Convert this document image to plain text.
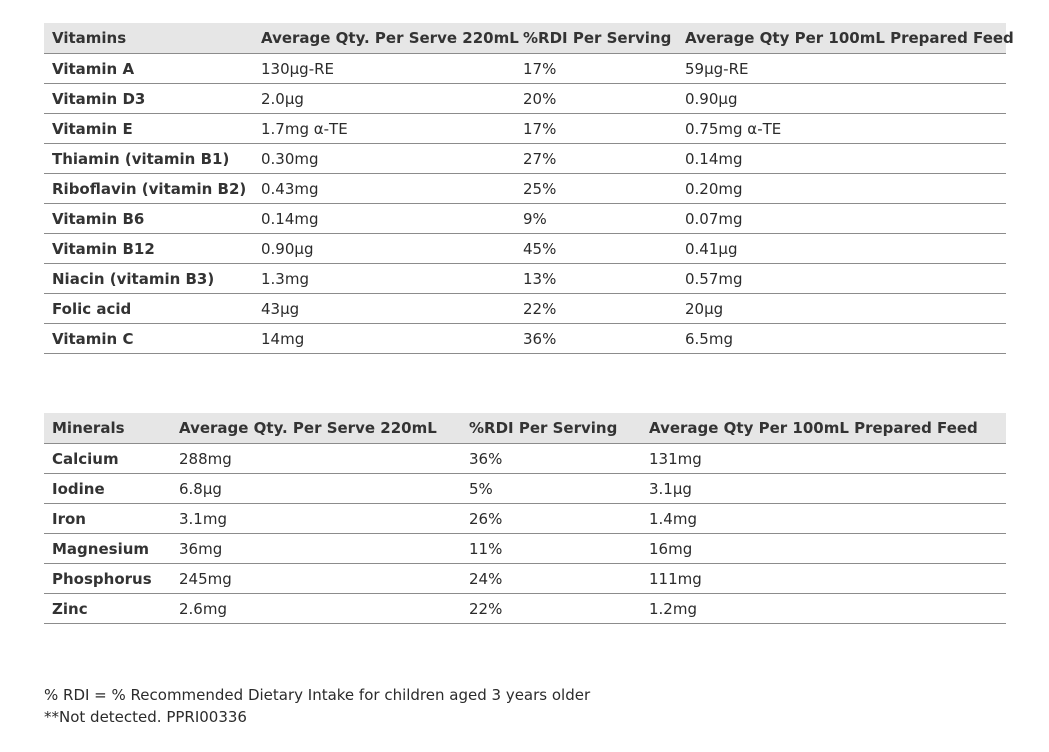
Vitamins	Average Qty. Per Serve 220mL	%RDI Per Serving	Average Qty Per 100mL Prepared Feed
Vitamin A	130µg-RE	17%	59µg-RE
Vitamin D3	2.0µg	20%	0.90µg
Vitamin E	1.7mg α-TE	17%	0.75mg α-TE
Thiamin (vitamin B1)	0.30mg	27%	0.14mg
Riboflavin (vitamin B2)	0.43mg	25%	0.20mg
Vitamin B6	0.14mg	9%	0.07mg
Vitamin B12	0.90µg	45%	0.41µg
Niacin (vitamin B3)	1.3mg	13%	0.57mg
Folic acid	43µg	22%	20µg
Vitamin C	14mg	36%	6.5mg
Minerals	Average Qty. Per Serve 220mL	%RDI Per Serving	Average Qty Per 100mL Prepared Feed
Calcium	288mg	36%	131mg
Iodine	6.8µg	5%	3.1µg
Iron	3.1mg	26%	1.4mg
Magnesium	36mg	11%	16mg
Phosphorus	245mg	24%	111mg
Zinc	2.6mg	22%	1.2mg
% RDI = % Recommended Dietary Intake for children aged 3 years older
**Not detected. PPRI00336
